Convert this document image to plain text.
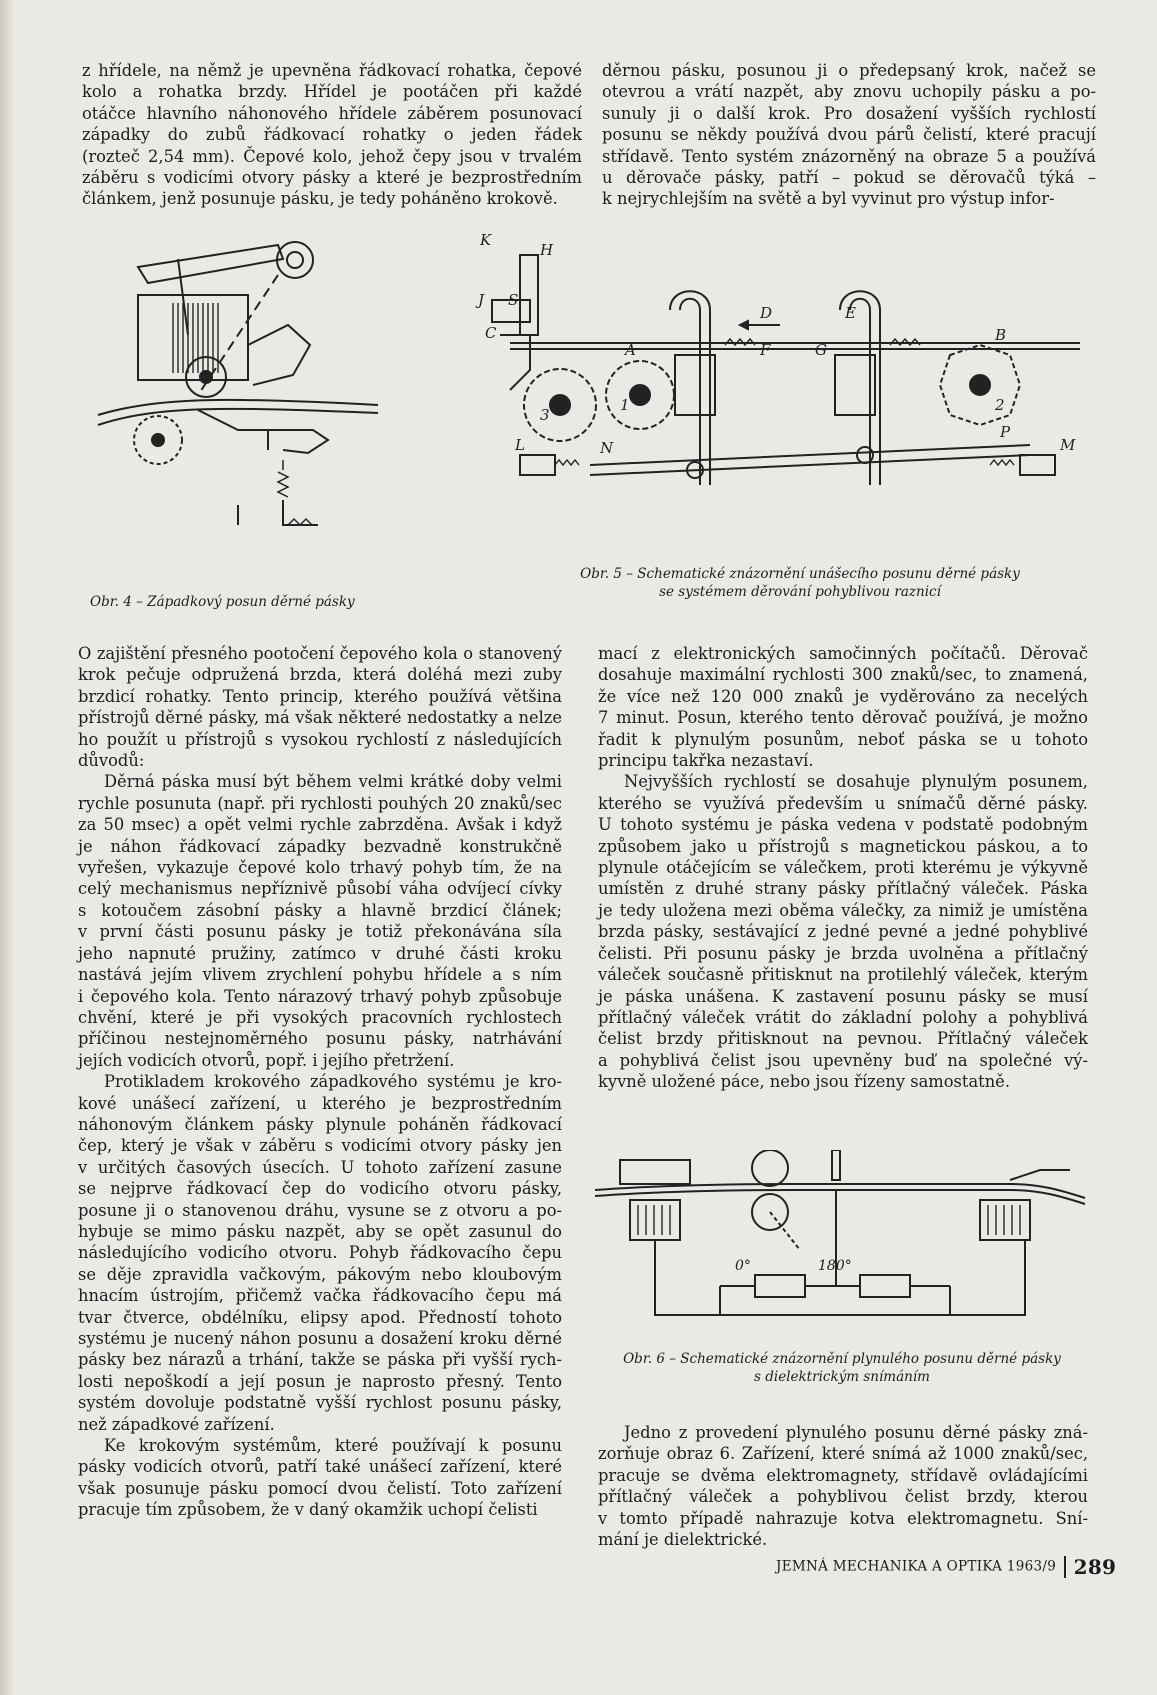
z hřídele, na němž je upevněna řádkovací rohatka, čepové
kolo a rohatka brzdy. Hřídel je pootáčen při každé
otáčce hlavního náhonového hřídele záběrem posunovací
západky do zubů řádkovací rohatky o jeden řádek
(rozteč 2,54 mm). Čepové kolo, jehož čepy jsou v trvalém
záběru s vodicími otvory pásky a které je bezprostředním
článkem, jenž posunuje pásku, je tedy poháněno krokově.

děrnou pásku, posunou ji o předepsaný krok, načež se
otevrou a vrátí nazpět, aby znovu uchopily pásku a po-
sunuly ji o další krok. Pro dosažení vyšších rychlostí
posunu se někdy používá dvou párů čelistí, které pracují
střídavě. Tento systém znázorněný na obraze 5 a používá
u děrovače pásky, patří – pokud se děrovačů týká –
k nejrychlejším na světě a byl vyvinut pro výstup infor-

Obr. 4 – Západkový posun děrné pásky
K
H
J S
D	E
C
A	F	G
B
1	2
3
N
P
L	M
Obr. 5 – Schematické znázornění unášecího posunu děrné pásky
se systémem děrování pohyblivou raznicí

O zajištění přesného pootočení čepového kola o stanovený
krok pečuje odpružená brzda, která doléhá mezi zuby
brzdicí rohatky. Tento princip, kterého používá většina
přístrojů děrné pásky, má však některé nedostatky a nelze
ho použít u přístrojů s vysokou rychlostí z následujících
důvodů:

Děrná páska musí být během velmi krátké doby velmi
rychle posunuta (např. při rychlosti pouhých 20 znaků/sec
za 50 msec) a opět velmi rychle zabrzděna. Avšak i když
je náhon řádkovací západky bezvadně konstrukčně
vyřešen, vykazuje čepové kolo trhavý pohyb tím, že na
celý mechanismus nepříznivě působí váha odvíjecí cívky
s kotoučem zásobní pásky a hlavně brzdicí článek;
v první části posunu pásky je totiž překonávána síla
jeho napnuté pružiny, zatímco v druhé části kroku
nastává jejím vlivem zrychlení pohybu hřídele a s ním
i čepového kola. Tento nárazový trhavý pohyb způsobuje
chvění, které je při vysokých pracovních rychlostech
příčinou nestejnoměrného posunu pásky, natrhávání
jejích vodicích otvorů, popř. i jejího přetržení.

Protikladem krokového západkového systému je kro-
kové unášecí zařízení, u kterého je bezprostředním
náhonovým článkem pásky plynule poháněn řádkovací
čep, který je však v záběru s vodicími otvory pásky jen
v určitých časových úsecích. U tohoto zařízení zasune
se nejprve řádkovací čep do vodicího otvoru pásky,
posune ji o stanovenou dráhu, vysune se z otvoru a po-
hybuje se mimo pásku nazpět, aby se opět zasunul do
následujícího vodicího otvoru. Pohyb řádkovacího čepu
se děje zpravidla vačkovým, pákovým nebo kloubovým
hnacím ústrojím, přičemž vačka řádkovacího čepu má
tvar čtverce, obdélníku, elipsy apod. Předností tohoto
systému je nucený náhon posunu a dosažení kroku děrné
pásky bez nárazů a trhání, takže se páska při vyšší rych-
losti nepoškodí a její posun je naprosto přesný. Tento
systém dovoluje podstatně vyšší rychlost posunu pásky,
než západkové zařízení.

Ke krokovým systémům, které používají k posunu
pásky vodicích otvorů, patří také unášecí zařízení, které
však posunuje pásku pomocí dvou čelistí. Toto zařízení
pracuje tím způsobem, že v daný okamžik uchopí čelisti

mací z elektronických samočinných počítačů. Děrovač
dosahuje maximální rychlosti 300 znaků/sec, to znamená,
že více než 120 000 znaků je vyděrováno za necelých
7 minut. Posun, kterého tento děrovač používá, je možno
řadit k plynulým posunům, neboť páska se u tohoto
principu takřka nezastaví.

Nejvyšších rychlostí se dosahuje plynulým posunem,
kterého se využívá především u snímačů děrné pásky.
U tohoto systému je páska vedena v podstatě podobným
způsobem jako u přístrojů s magnetickou páskou, a to
plynule otáčejícím se válečkem, proti kterému je výkyvně
umístěn z druhé strany pásky přítlačný váleček. Páska
je tedy uložena mezi oběma válečky, za nimiž je umístěna
brzda pásky, sestávající z jedné pevné a jedné pohyblivé
čelisti. Při posunu pásky je brzda uvolněna a přítlačný
váleček současně přitisknut na protilehlý váleček, kterým
je páska unášena. K zastavení posunu pásky se musí
přítlačný váleček vrátit do základní polohy a pohyblivá
čelist brzdy přitisknout na pevnou. Přítlačný váleček
a pohyblivá čelist jsou upevněny buď na společné vý-
kyvně uložené páce, nebo jsou řízeny samostatně.

0°	180°
Obr. 6 – Schematické znázornění plynulého posunu děrné pásky
s dielektrickým snímáním

Jedno z provedení plynulého posunu děrné pásky zná-
zorňuje obraz 6. Zařízení, které snímá až 1000 znaků/sec,
pracuje se dvěma elektromagnety, střídavě ovládajícími
přítlačný váleček a pohyblivou čelist brzdy, kterou
v tomto případě nahrazuje kotva elektromagnetu. Sní-
mání je dielektrické.

JEMNÁ MECHANIKA A OPTIKA 1963/9 289
